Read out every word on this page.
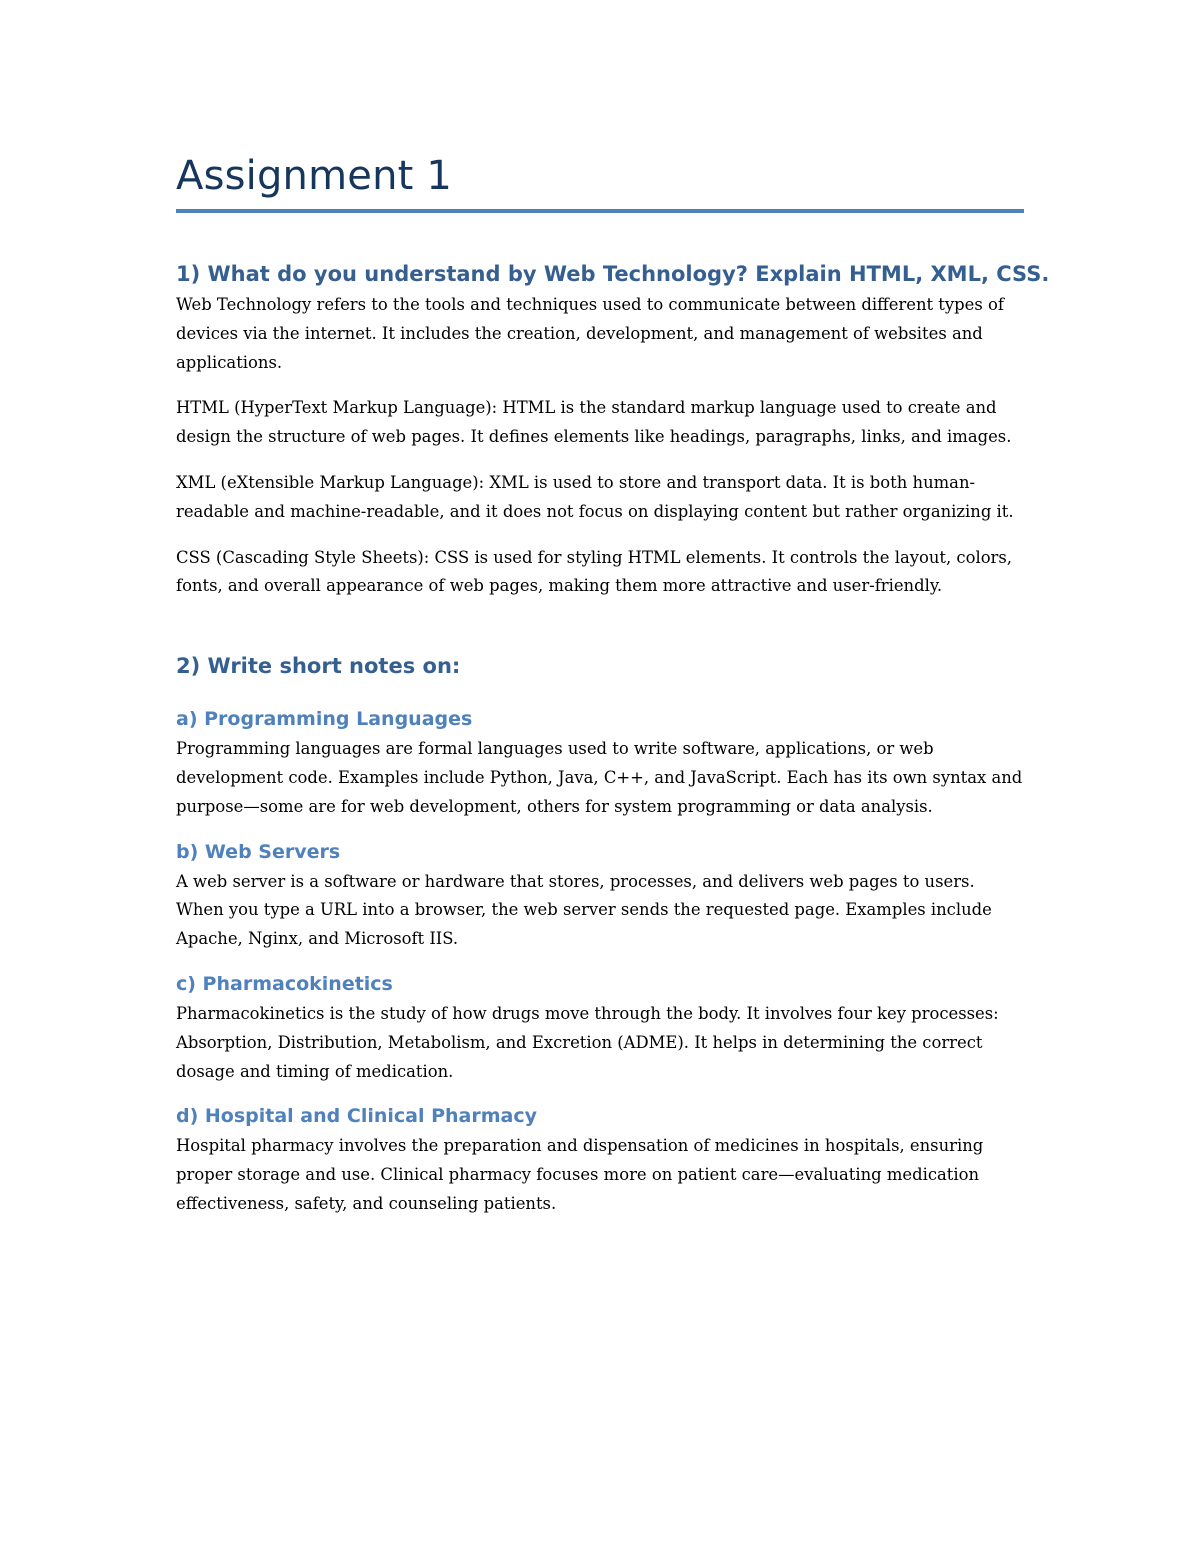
Assignment 1
1) What do you understand by Web Technology? Explain HTML, XML, CSS.

Web Technology refers to the tools and techniques used to communicate between different types of devices via the internet. It includes the creation, development, and management of websites and applications.

HTML (HyperText Markup Language): HTML is the standard markup language used to create and design the structure of web pages. It defines elements like headings, paragraphs, links, and images.

XML (eXtensible Markup Language): XML is used to store and transport data. It is both human-readable and machine-readable, and it does not focus on displaying content but rather organizing it.

CSS (Cascading Style Sheets): CSS is used for styling HTML elements. It controls the layout, colors, fonts, and overall appearance of web pages, making them more attractive and user-friendly.

2) Write short notes on:
a) Programming Languages

Programming languages are formal languages used to write software, applications, or web development code. Examples include Python, Java, C++, and JavaScript. Each has its own syntax and purpose—some are for web development, others for system programming or data analysis.

b) Web Servers

A web server is a software or hardware that stores, processes, and delivers web pages to users. When you type a URL into a browser, the web server sends the requested page. Examples include Apache, Nginx, and Microsoft IIS.

c) Pharmacokinetics

Pharmacokinetics is the study of how drugs move through the body. It involves four key processes: Absorption, Distribution, Metabolism, and Excretion (ADME). It helps in determining the correct dosage and timing of medication.

d) Hospital and Clinical Pharmacy

Hospital pharmacy involves the preparation and dispensation of medicines in hospitals, ensuring proper storage and use. Clinical pharmacy focuses more on patient care—evaluating medication effectiveness, safety, and counseling patients.
